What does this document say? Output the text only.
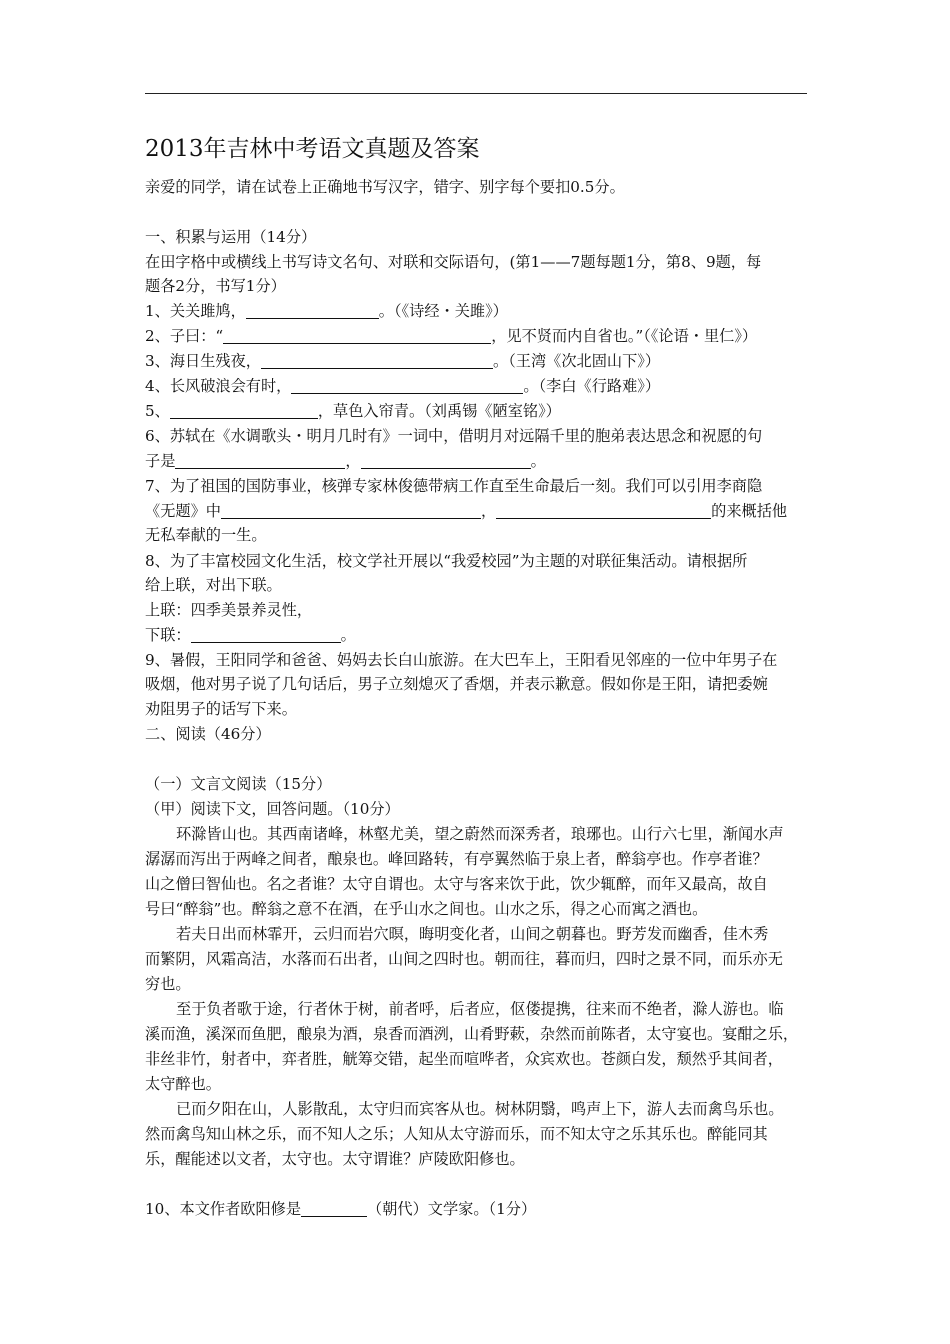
2013年吉林中考语文真题及答案
亲爱的同学，请在试卷上正确地书写汉字，错字、别字每个要扣0.5分。
一、积累与运用（14分）
在田字格中或横线上书写诗文名句、对联和交际语句，(第1——7题每题1分，第8、9题，每
题各2分，书写1分）
1、关关雎鸠，	。（《诗经・关雎》）
2、子曰：“	，见不贤而内自省也。”（《论语・里仁》）
3、海日生残夜，	。（王湾《次北固山下》）
4、长风破浪会有时，	。（李白《行路难》）
5、	，草色入帘青。（刘禹锡《陋室铭》）
6、苏轼在《水调歌头・明月几时有》一词中，借明月对远隔千里的胞弟表达思念和祝愿的句
子是	，	。
7、为了祖国的国防事业，核弹专家林俊德带病工作直至生命最后一刻。我们可以引用李商隐
《无题》中	，	的来概括他
无私奉献的一生。
8、为了丰富校园文化生活，校文学社开展以“我爱校园”为主题的对联征集活动。请根据所
给上联，对出下联。
上联：四季美景养灵性，
下联：	。
9、暑假，王阳同学和爸爸、妈妈去长白山旅游。在大巴车上，王阳看见邻座的一位中年男子在
吸烟，他对男子说了几句话后，男子立刻熄灭了香烟，并表示歉意。假如你是王阳，请把委婉
劝阻男子的话写下来。
二、阅读（46分）
（一）文言文阅读（15分）
（甲）阅读下文，回答问题。（10分）
环滁皆山也。其西南诸峰，林壑尤美，望之蔚然而深秀者，琅琊也。山行六七里，渐闻水声
潺潺而泻出于两峰之间者，酿泉也。峰回路转，有亭翼然临于泉上者，醉翁亭也。作亭者谁？
山之僧曰智仙也。名之者谁？太守自谓也。太守与客来饮于此，饮少辄醉，而年又最高，故自
号曰“醉翁”也。醉翁之意不在酒，在乎山水之间也。山水之乐，得之心而寓之酒也。
若夫日出而林霏开，云归而岩穴暝，晦明变化者，山间之朝暮也。野芳发而幽香，佳木秀
而繁阴，风霜高洁，水落而石出者，山间之四时也。朝而往，暮而归，四时之景不同，而乐亦无
穷也。
至于负者歌于途，行者休于树，前者呼，后者应，伛偻提携，往来而不绝者，滁人游也。临
溪而渔，溪深而鱼肥，酿泉为酒，泉香而酒洌，山肴野蔌，杂然而前陈者，太守宴也。宴酣之乐，
非丝非竹，射者中，弈者胜，觥筹交错，起坐而喧哗者，众宾欢也。苍颜白发，颓然乎其间者，
太守醉也。
已而夕阳在山，人影散乱，太守归而宾客从也。树林阴翳，鸣声上下，游人去而禽鸟乐也。
然而禽鸟知山林之乐，而不知人之乐；人知从太守游而乐，而不知太守之乐其乐也。醉能同其
乐，醒能述以文者，太守也。太守谓谁？庐陵欧阳修也。
10、本文作者欧阳修是	（朝代）文学家。（1分）
